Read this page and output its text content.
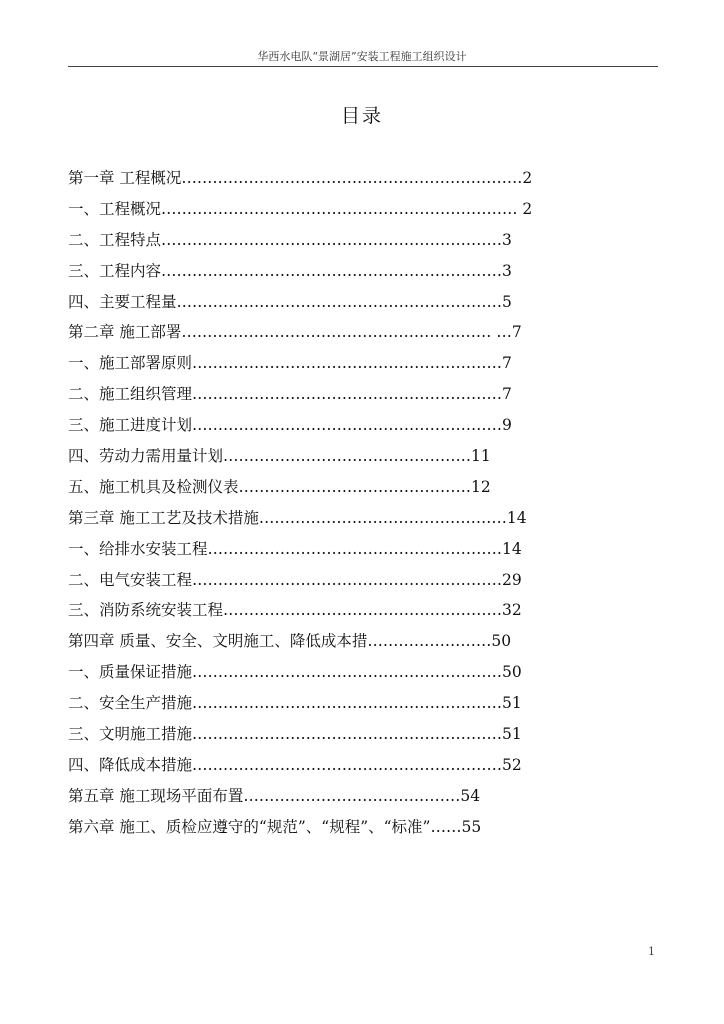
华西水电队“景湖居”安装工程施工组织设计
目录
第一章 工程概况…………………………………………………………2
一、工程概况…………………………………………………………… 2
二、工程特点…………………………………………………………3
三、工程内容…………………………………………………………3
四、主要工程量………………………………………………………5
第二章 施工部署…………………………………………………… …7
一、施工部署原则……………………………………………………7
二、施工组织管理……………………………………………………7
三、施工进度计划……………………………………………………9
四、劳动力需用量计划…………………………………………11
五、施工机具及检测仪表………………………………………12
第三章 施工工艺及技术措施…………………………………………14
一、给排水安装工程…………………………………………………14
二、电气安装工程……………………………………………………29
三、消防系统安装工程………………………………………………32
第四章 质量、安全、文明施工、降低成本措……………………50
一、质量保证措施……………………………………………………50
二、安全生产措施……………………………………………………51
三、文明施工措施……………………………………………………51
四、降低成本措施……………………………………………………52
第五章 施工现场平面布置……………………………………54
第六章 施工、质检应遵守的“规范”、“规程”、“标准”……55
1
